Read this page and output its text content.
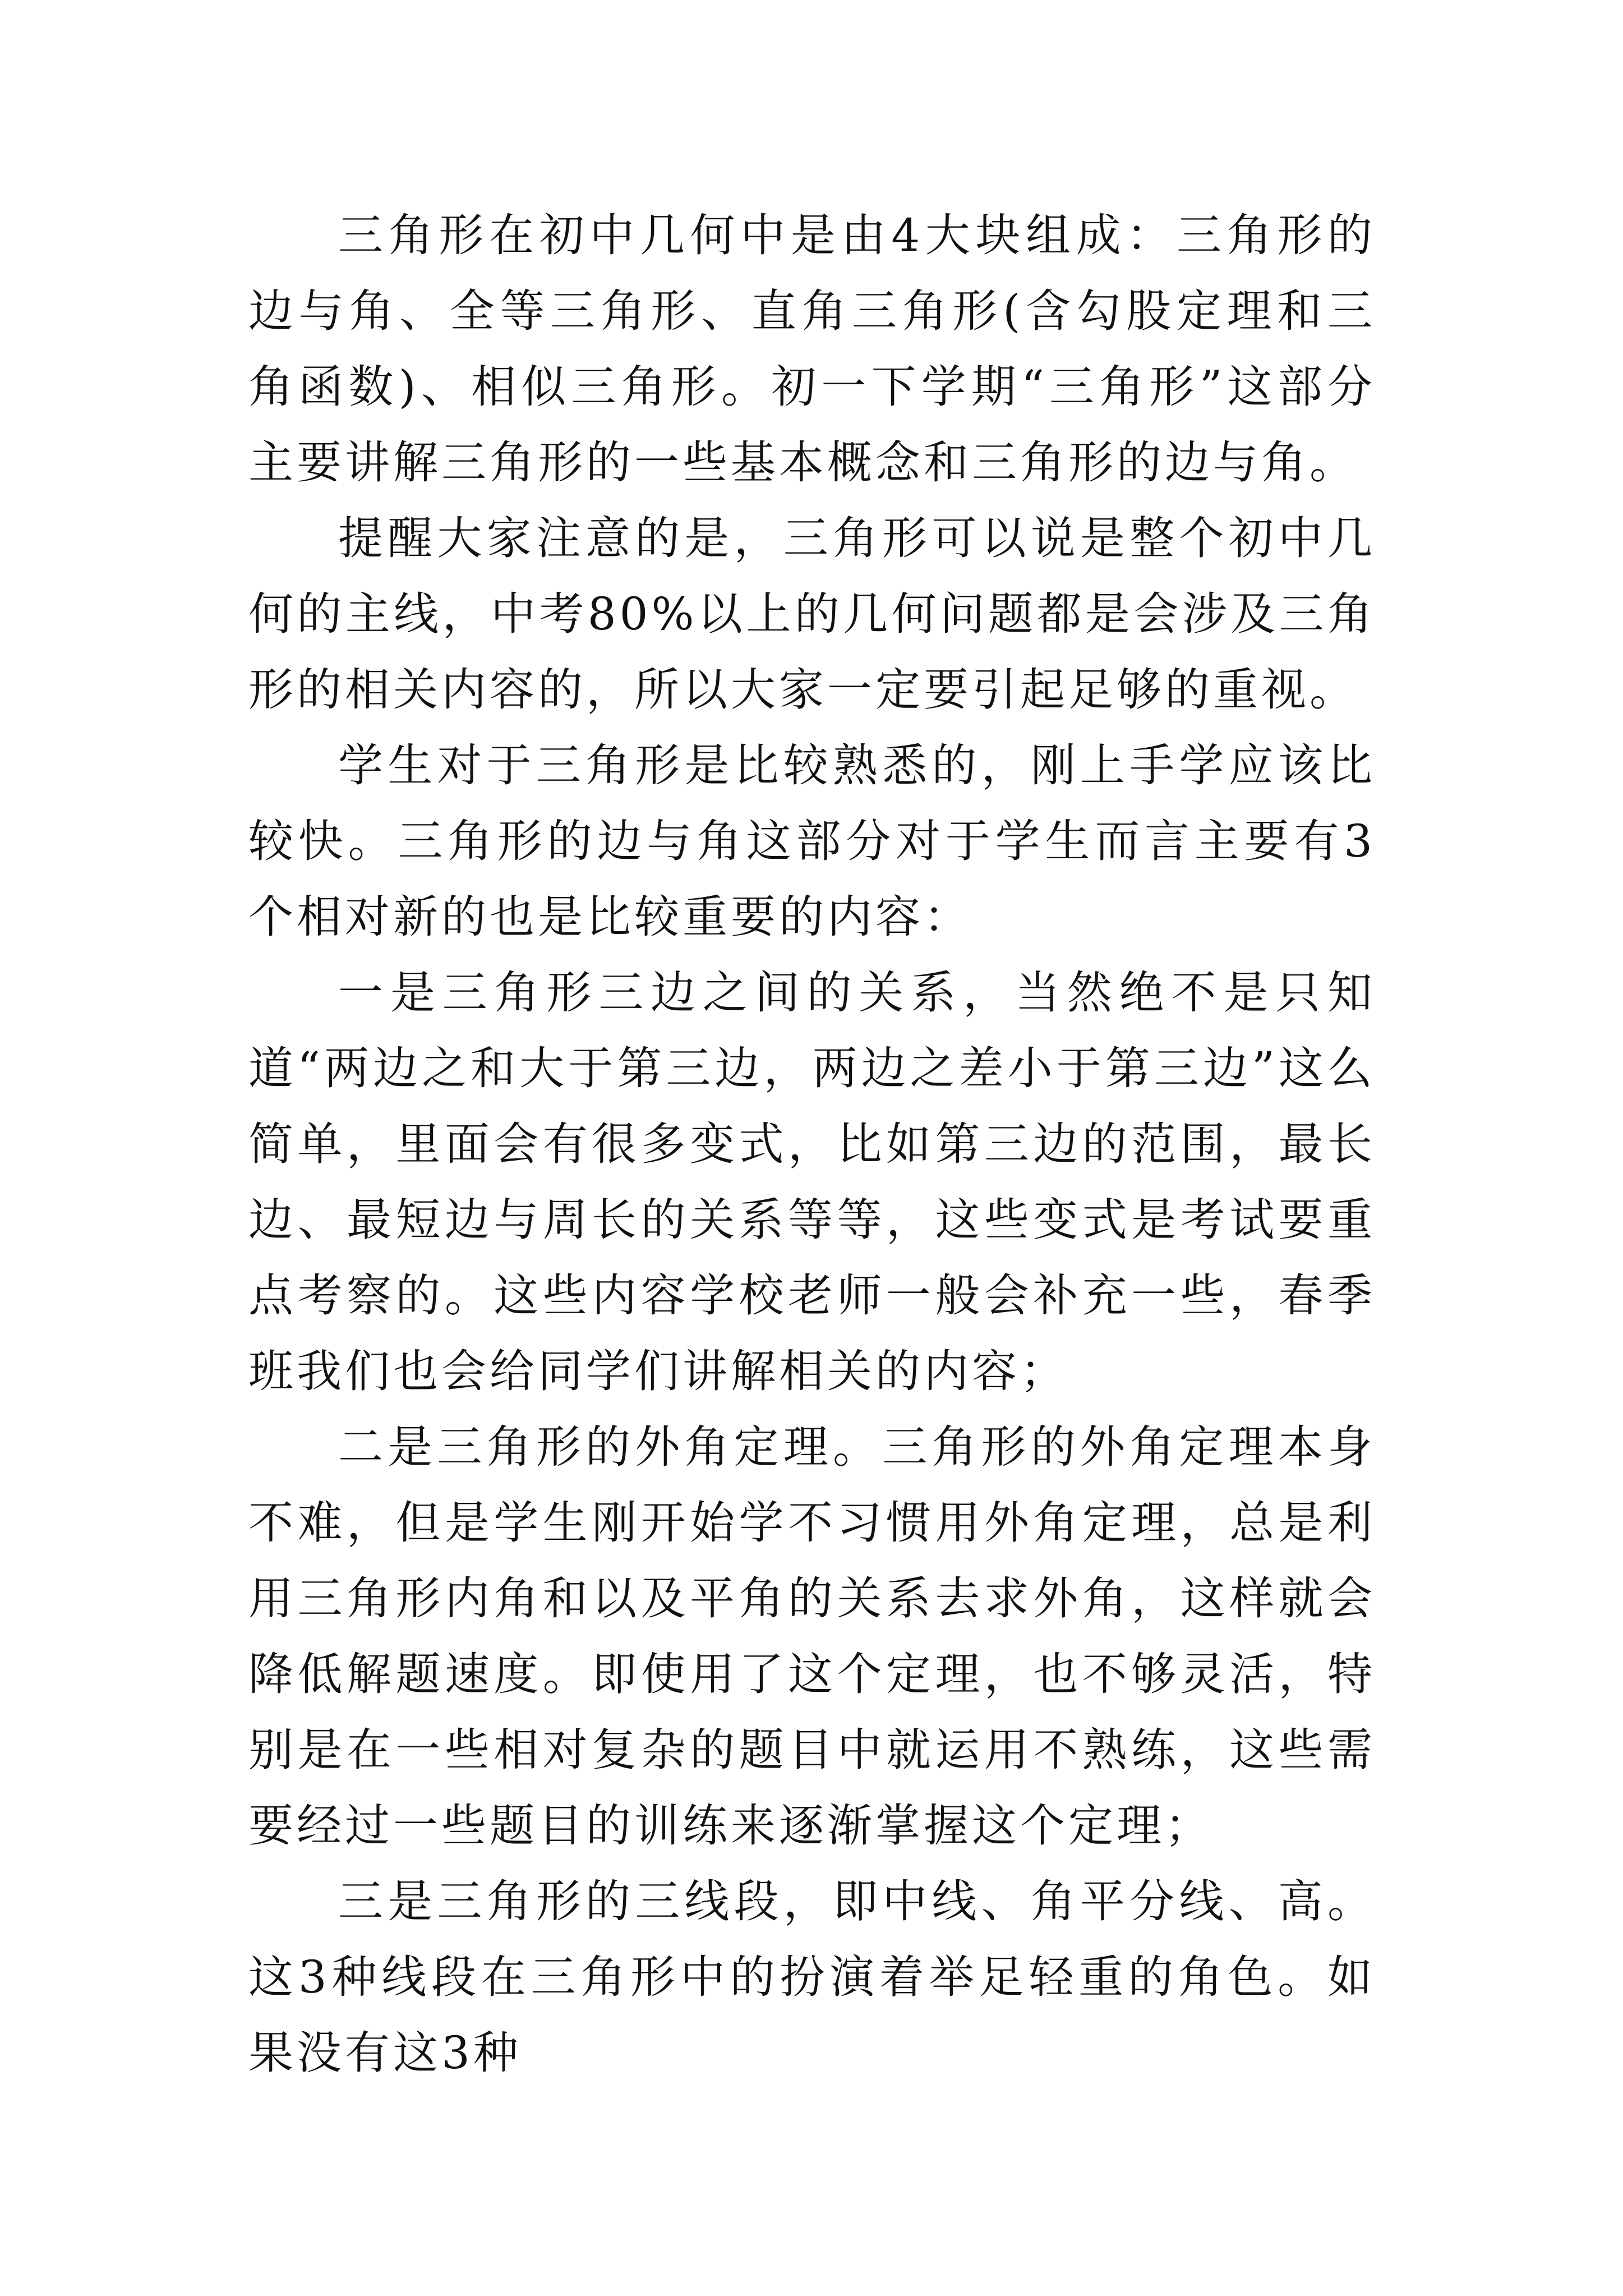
三角形在初中几何中是由4大块组成：三角形的边与角、全等三角形、直角三角形(含勾股定理和三角函数)、相似三角形。初一下学期“三角形”这部分主要讲解三角形的一些基本概念和三角形的边与角。

提醒大家注意的是，三角形可以说是整个初中几何的主线，中考80%以上的几何问题都是会涉及三角形的相关内容的，所以大家一定要引起足够的重视。

学生对于三角形是比较熟悉的，刚上手学应该比较快。三角形的边与角这部分对于学生而言主要有3个相对新的也是比较重要的内容：

一是三角形三边之间的关系，当然绝不是只知道“两边之和大于第三边，两边之差小于第三边”这么简单，里面会有很多变式，比如第三边的范围，最长边、最短边与周长的关系等等，这些变式是考试要重点考察的。这些内容学校老师一般会补充一些，春季班我们也会给同学们讲解相关的内容；

二是三角形的外角定理。三角形的外角定理本身不难，但是学生刚开始学不习惯用外角定理，总是利用三角形内角和以及平角的关系去求外角，这样就会降低解题速度。即使用了这个定理，也不够灵活，特别是在一些相对复杂的题目中就运用不熟练，这些需要经过一些题目的训练来逐渐掌握这个定理；

三是三角形的三线段，即中线、角平分线、高。这3种线段在三角形中的扮演着举足轻重的角色。如果没有这3种
